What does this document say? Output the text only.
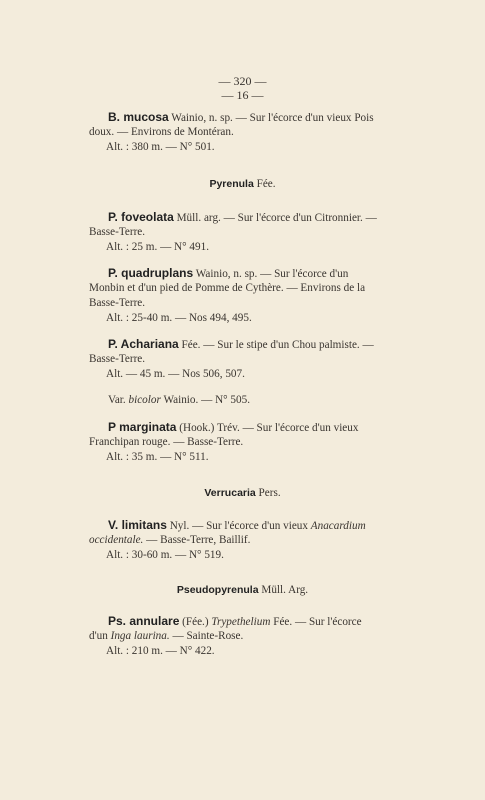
— 320 —
— 16 —
B. mucosa Wainio, n. sp. — Sur l'écorce d'un vieux Pois
doux. — Environs de Montéran.
Alt. : 380 m. — N° 501.
Pyrenula Fée.
P. foveolata Müll. arg. — Sur l'écorce d'un Citronnier. —
Basse-Terre.
Alt. : 25 m. — N° 491.
P. quadruplans Wainio, n. sp. — Sur l'écorce d'un
Monbin et d'un pied de Pomme de Cythère. — Environs de la
Basse-Terre.
Alt. : 25-40 m. — Nos 494, 495.
P. Achariana Fée. — Sur le stipe d'un Chou palmiste. —
Basse-Terre.
Alt. — 45 m. — Nos 506, 507.
Var. bicolor Wainio. — N° 505.
P marginata (Hook.) Trév. — Sur l'écorce d'un vieux
Franchipan rouge. — Basse-Terre.
Alt. : 35 m. — N° 511.
Verrucaria Pers.
V. limitans Nyl. — Sur l'écorce d'un vieux Anacardium
occidentale. — Basse-Terre, Baillif.
Alt. : 30-60 m. — N° 519.
Pseudopyrenula Müll. Arg.
Ps. annulare (Fée.) Trypethelium Fée. — Sur l'écorce
d'un Inga laurina. — Sainte-Rose.
Alt. : 210 m. — N° 422.
